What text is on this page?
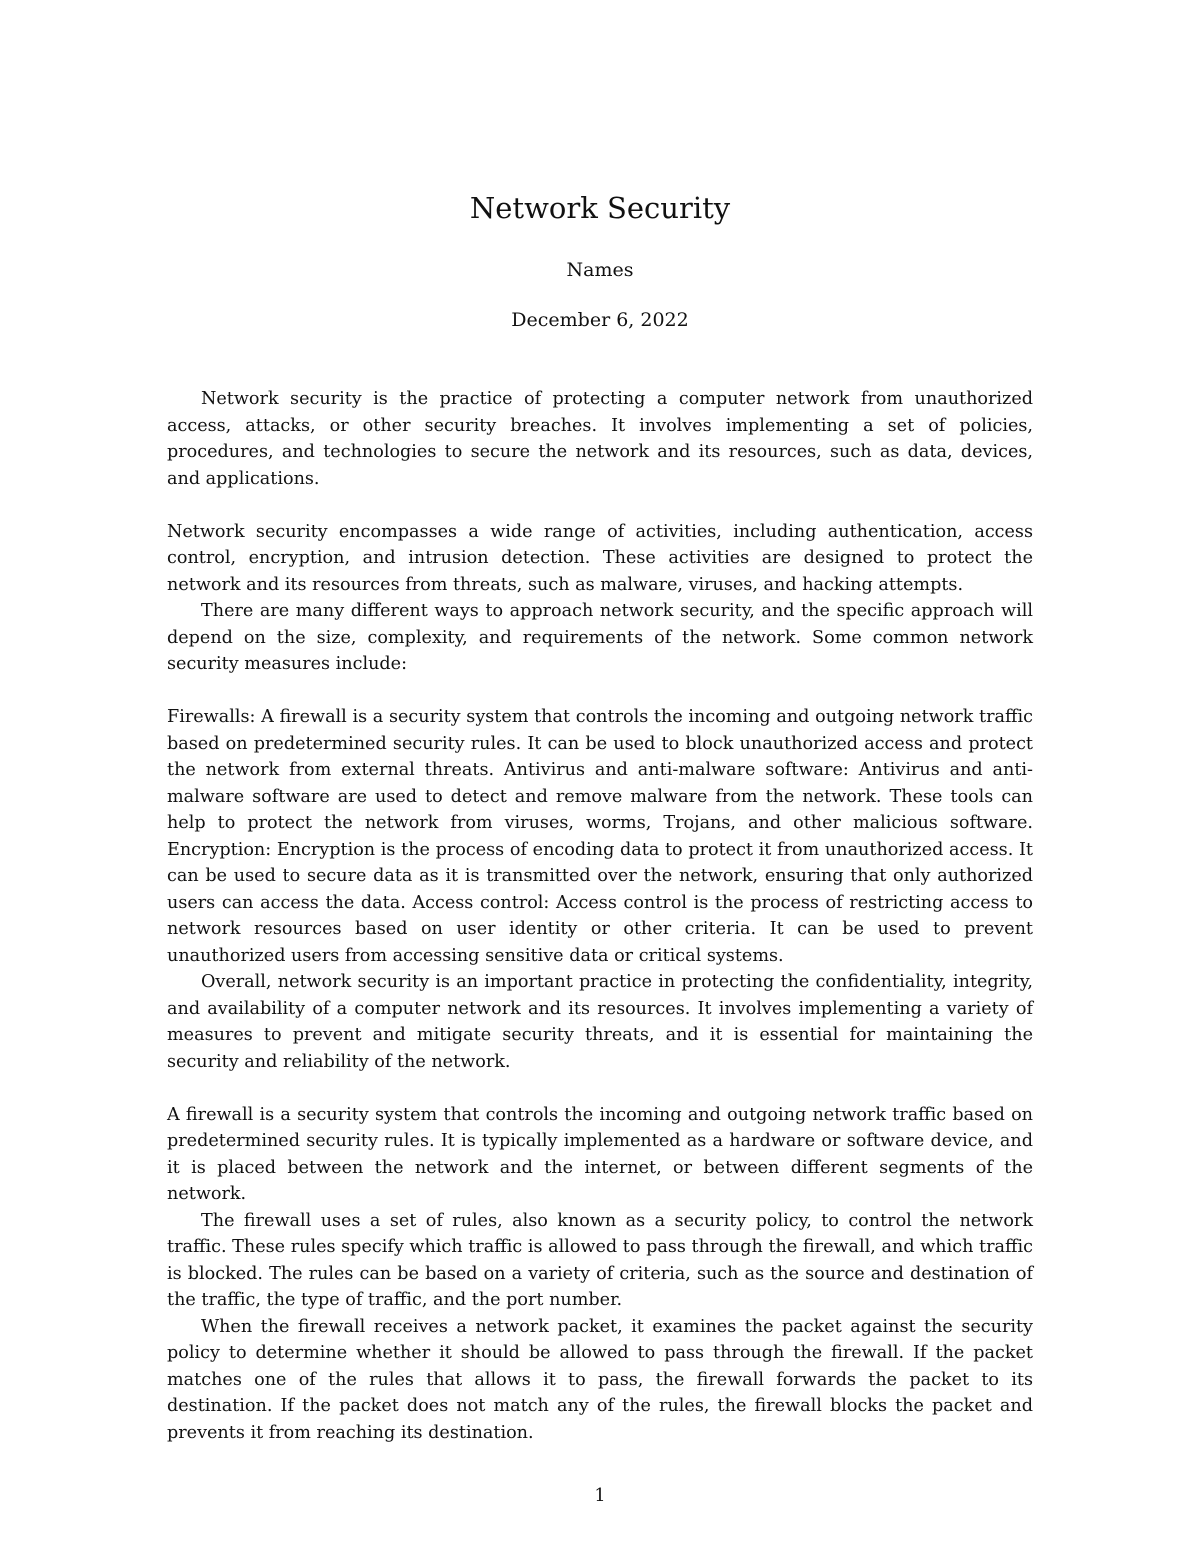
Network Security
Names
December 6, 2022

Network security is the practice of protecting a computer network from unauthorized access, attacks, or other security breaches. It involves implementing a set of policies, procedures, and technologies to secure the network and its resources, such as data, devices, and applications.

Network security encompasses a wide range of activities, including authentication, access control, encryption, and intrusion detection. These activities are designed to protect the network and its resources from threats, such as malware, viruses, and hacking attempts.

There are many different ways to approach network security, and the specific approach will depend on the size, complexity, and requirements of the network. Some common network security measures include:

Firewalls: A firewall is a security system that controls the incoming and outgoing network traffic based on predetermined security rules. It can be used to block unauthorized access and protect the network from external threats. Antivirus and anti-malware software: Antivirus and anti-malware software are used to detect and remove malware from the network. These tools can help to protect the network from viruses, worms, Trojans, and other malicious software. Encryption: Encryption is the process of encoding data to protect it from unauthorized access. It can be used to secure data as it is transmitted over the network, ensuring that only authorized users can access the data. Access control: Access control is the process of restricting access to network resources based on user identity or other criteria. It can be used to prevent unauthorized users from accessing sensitive data or critical systems.

Overall, network security is an important practice in protecting the confidentiality, integrity, and availability of a computer network and its resources. It involves implementing a variety of measures to prevent and mitigate security threats, and it is essential for maintaining the security and reliability of the network.

A firewall is a security system that controls the incoming and outgoing network traffic based on predetermined security rules. It is typically implemented as a hardware or software device, and it is placed between the network and the internet, or between different segments of the network.

The firewall uses a set of rules, also known as a security policy, to control the network traffic. These rules specify which traffic is allowed to pass through the firewall, and which traffic is blocked. The rules can be based on a variety of criteria, such as the source and destination of the traffic, the type of traffic, and the port number.

When the firewall receives a network packet, it examines the packet against the security policy to determine whether it should be allowed to pass through the firewall. If the packet matches one of the rules that allows it to pass, the firewall forwards the packet to its destination. If the packet does not match any of the rules, the firewall blocks the packet and prevents it from reaching its destination.

1
